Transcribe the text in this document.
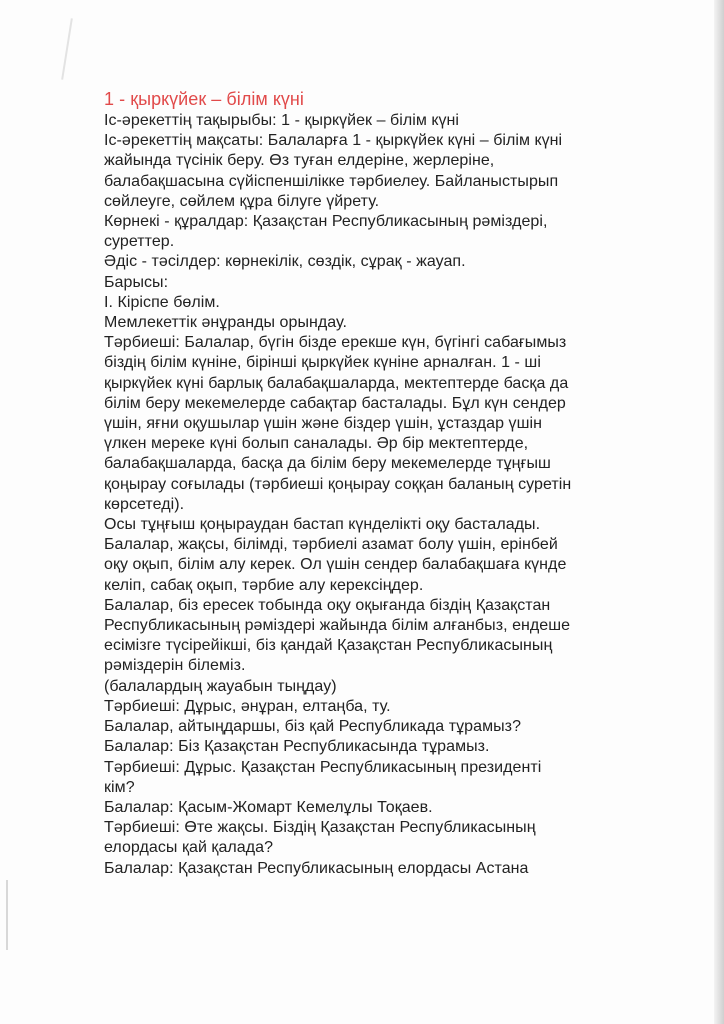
1 - қыркүйек – білім күні
Іс-әрекеттің тақырыбы: 1 - қыркүйек – білім күні
Іс-әрекеттің мақсаты: Балаларға 1 - қыркүйек күні – білім күні
жайында түсінік беру. Өз туған елдеріне, жерлеріне,
балабақшасына сүйіспеншілікке тәрбиелеу. Байланыстырып
сөйлеуге, сөйлем құра білуге үйрету.
Көрнекі - құралдар: Қазақстан Республикасының рәміздері,
суреттер.
Әдіс - тәсілдер: көрнекілік, сөздік, сұрақ - жауап.
Барысы:
І. Кіріспе бөлім.
Мемлекеттік әнұранды орындау.
Тәрбиеші: Балалар, бүгін бізде ерекше күн, бүгінгі сабағымыз
біздің білім күніне, бірінші қыркүйек күніне арналған. 1 - ші
қыркүйек күні барлық балабақшаларда, мектептерде басқа да
білім беру мекемелерде сабақтар басталады. Бұл күн сендер
үшін, яғни оқушылар үшін және біздер үшін, ұстаздар үшін
үлкен мереке күні болып саналады. Әр бір мектептерде,
балабақшаларда, басқа да білім беру мекемелерде тұңғыш
қоңырау соғылады (тәрбиеші қоңырау соққан баланың суретін
көрсетеді).
Осы тұңғыш қоңыраудан бастап күнделікті оқу басталады.
Балалар, жақсы, білімді, тәрбиелі азамат болу үшін, ерінбей
оқу оқып, білім алу керек. Ол үшін сендер балабақшаға күнде
келіп, сабақ оқып, тәрбие алу керексіңдер.
Балалар, біз ересек тобында оқу оқығанда біздің Қазақстан
Республикасының рәміздері жайында білім алғанбыз, ендеше
есімізге түсірейікші, біз қандай Қазақстан Республикасының
рәміздерін білеміз.
(балалардың жауабын тыңдау)
Тәрбиеші: Дұрыс, әнұран, елтаңба, ту.
Балалар, айтыңдаршы, біз қай Республикада тұрамыз?
Балалар: Біз Қазақстан Республикасында тұрамыз.
Тәрбиеші: Дұрыс. Қазақстан Республикасының президенті
кім?
Балалар: Қасым-Жомарт Кемелұлы Тоқаев.
Тәрбиеші: Өте жақсы. Біздің Қазақстан Республикасының
елордасы қай қалада?
Балалар: Қазақстан Республикасының елордасы Астана
